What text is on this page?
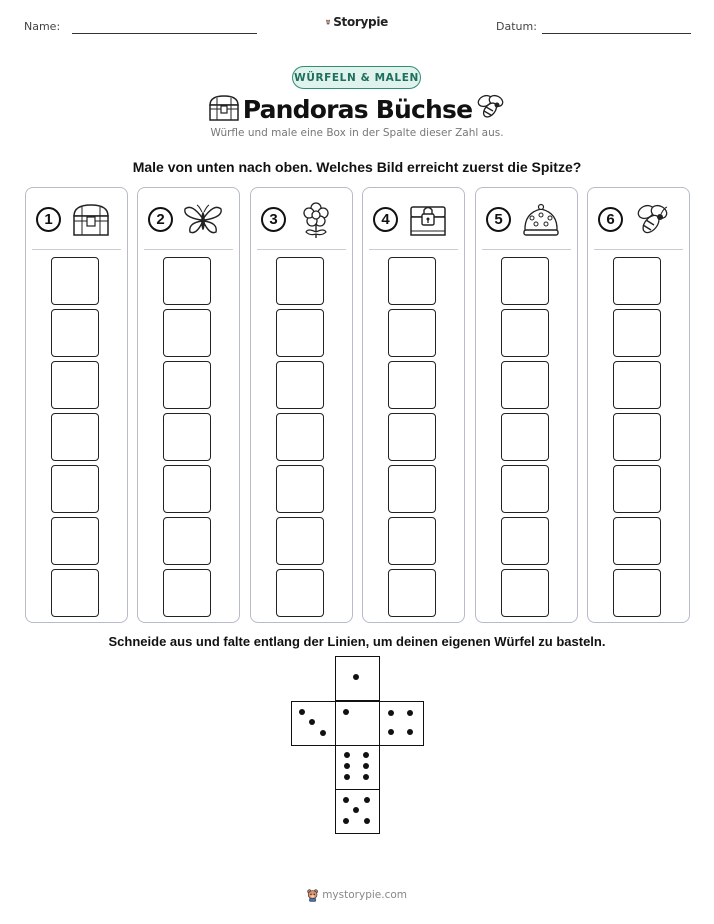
Name:	Storypie	Datum:
WÜRFELN & MALEN
Pandoras Büchse
Würfle und male eine Box in der Spalte dieser Zahl aus.
Male von unten nach oben. Welches Bild erreicht zuerst die Spitze?
1	2	3	4	5	6
Schneide aus und falte entlang der Linien, um deinen eigenen Würfel zu basteln.
mystorypie.com
